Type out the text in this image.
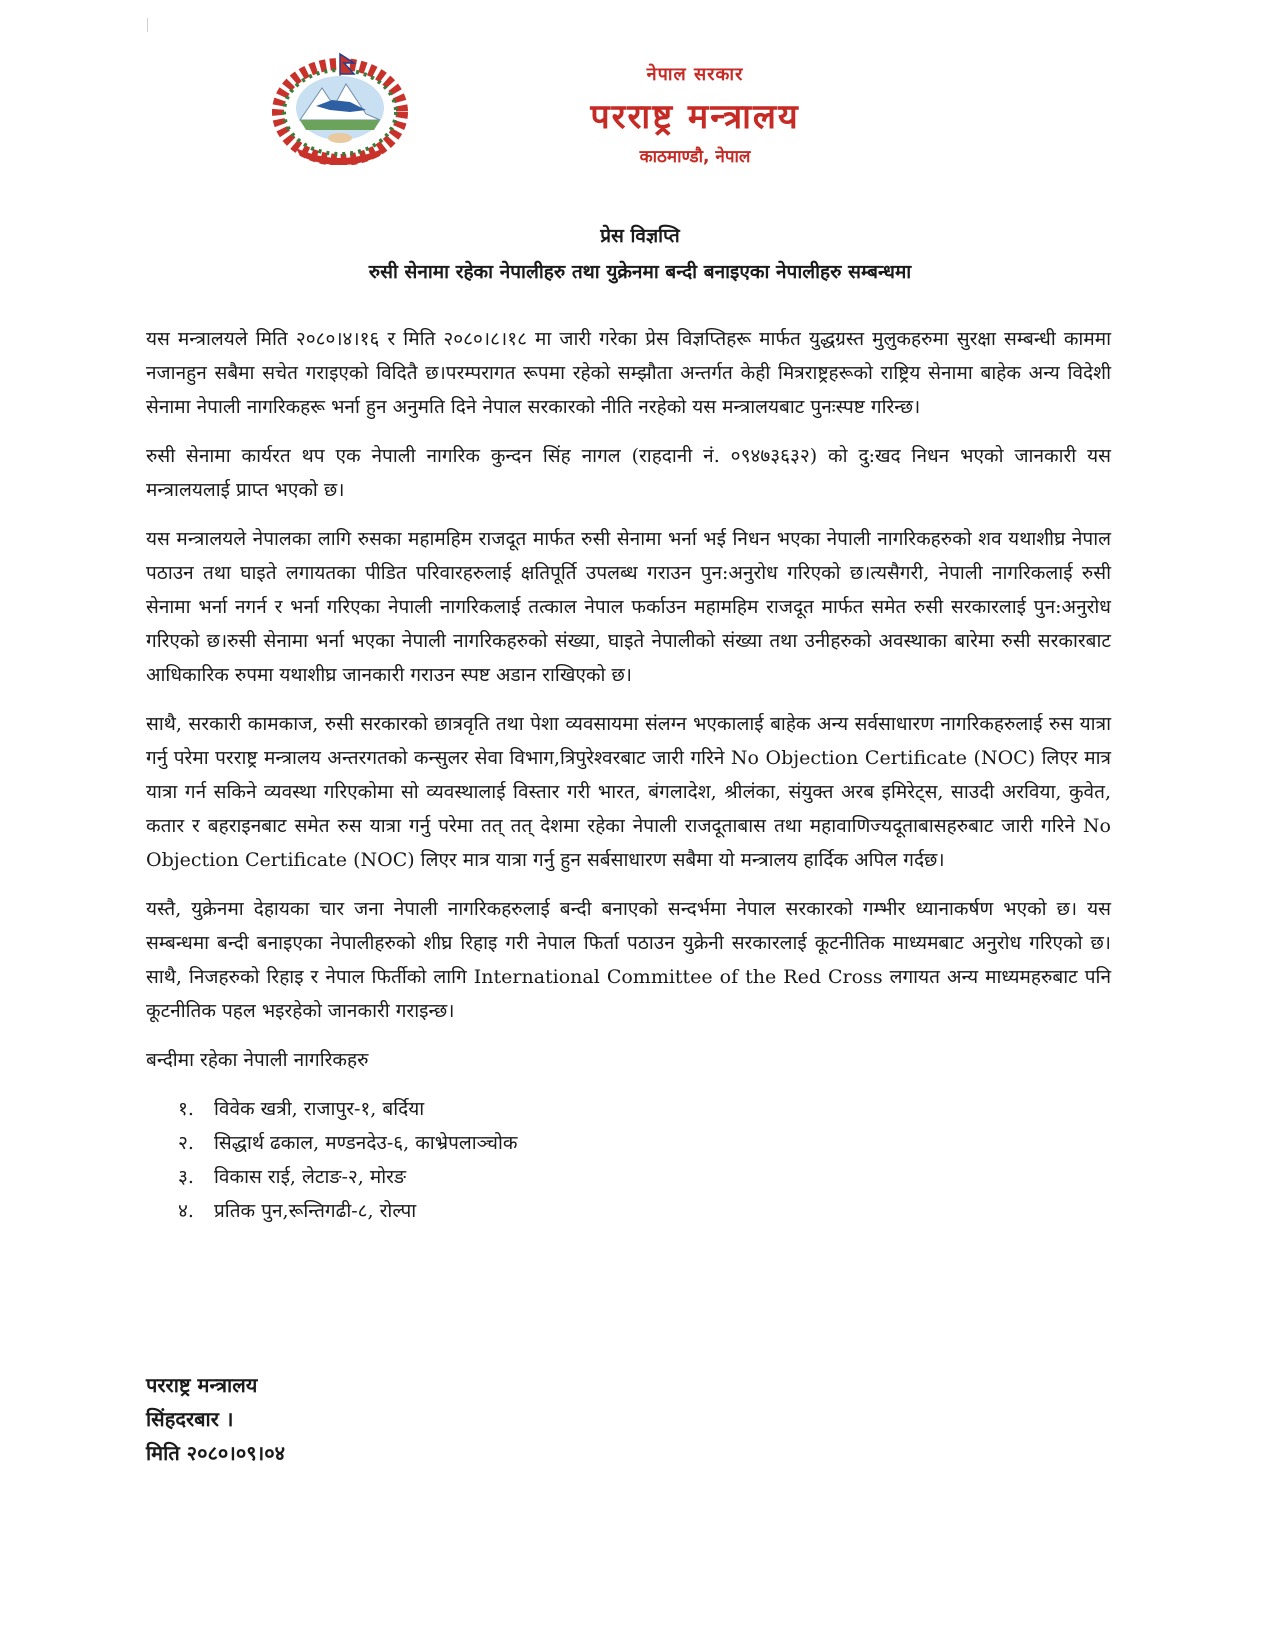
नेपाल सरकार
परराष्ट्र मन्त्रालय
काठमाण्डौ, नेपाल
प्रेस विज्ञप्ति
रुसी सेनामा रहेका नेपालीहरु तथा युक्रेनमा बन्दी बनाइएका नेपालीहरु सम्बन्धमा

यस मन्त्रालयले मिति २०८०।४।१६ र मिति २०८०।८।१८ मा जारी गरेका प्रेस विज्ञप्तिहरू मार्फत युद्धग्रस्त मुलुकहरुमा सुरक्षा सम्बन्धी काममा नजानहुन सबैमा सचेत गराइएको विदितै छ।परम्परागत रूपमा रहेको सम्झौता अन्तर्गत केही मित्रराष्ट्रहरूको राष्ट्रिय सेनामा बाहेक अन्य विदेशी सेनामा नेपाली नागरिकहरू भर्ना हुन अनुमति दिने नेपाल सरकारको नीति नरहेको यस मन्त्रालयबाट पुनःस्पष्ट गरिन्छ।

रुसी सेनामा कार्यरत थप एक नेपाली नागरिक कुन्दन सिंह नागल (राहदानी नं. ०९४७३६३२) को दु:खद निधन भएको जानकारी यस मन्त्रालयलाई प्राप्त भएको छ।

यस मन्त्रालयले नेपालका लागि रुसका महामहिम राजदूत मार्फत रुसी सेनामा भर्ना भई निधन भएका नेपाली नागरिकहरुको शव यथाशीघ्र नेपाल पठाउन तथा घाइते लगायतका पीडित परिवारहरुलाई क्षतिपूर्ति उपलब्ध गराउन पुन:अनुरोध गरिएको छ।त्यसैगरी, नेपाली नागरिकलाई रुसी सेनामा भर्ना नगर्न र भर्ना गरिएका नेपाली नागरिकलाई तत्काल नेपाल फर्काउन महामहिम राजदूत मार्फत समेत रुसी सरकारलाई पुन:अनुरोध गरिएको छ।रुसी सेनामा भर्ना भएका नेपाली नागरिकहरुको संख्या, घाइते नेपालीको संख्या तथा उनीहरुको अवस्थाका बारेमा रुसी सरकारबाट आधिकारिक रुपमा यथाशीघ्र जानकारी गराउन स्पष्ट अडान राखिएको छ।

साथै, सरकारी कामकाज, रुसी सरकारको छात्रवृति तथा पेशा व्यवसायमा संलग्न भएकालाई बाहेक अन्य सर्वसाधारण नागरिकहरुलाई रुस यात्रा गर्नु परेमा परराष्ट्र मन्त्रालय अन्तरगतको कन्सुलर सेवा विभाग,त्रिपुरेश्वरबाट जारी गरिने No Objection Certificate (NOC) लिएर मात्र यात्रा गर्न सकिने व्यवस्था गरिएकोमा सो व्यवस्थालाई विस्तार गरी भारत, बंगलादेश, श्रीलंका, संयुक्त अरब इमिरेट्स, साउदी अरविया, कुवेत, कतार र बहराइनबाट समेत रुस यात्रा गर्नु परेमा तत् तत् देशमा रहेका नेपाली राजदूताबास तथा महावाणिज्यदूताबासहरुबाट जारी गरिने No Objection Certificate (NOC) लिएर मात्र यात्रा गर्नु हुन सर्बसाधारण सबैमा यो मन्त्रालय हार्दिक अपिल गर्दछ।

यस्तै, युक्रेनमा देहायका चार जना नेपाली नागरिकहरुलाई बन्दी बनाएको सन्दर्भमा नेपाल सरकारको गम्भीर ध्यानाकर्षण भएको छ। यस सम्बन्धमा बन्दी बनाइएका नेपालीहरुको शीघ्र रिहाइ गरी नेपाल फिर्ता पठाउन युक्रेनी सरकारलाई कूटनीतिक माध्यमबाट अनुरोध गरिएको छ। साथै, निजहरुको रिहाइ र नेपाल फिर्तीको लागि International Committee of the Red Cross लगायत अन्य माध्यमहरुबाट पनि कूटनीतिक पहल भइरहेको जानकारी गराइन्छ।

बन्दीमा रहेका नेपाली नागरिकहरु
१.	विवेक खत्री, राजापुर-१, बर्दिया
२.	सिद्धार्थ ढकाल, मण्डनदेउ-६, काभ्रेपलाञ्चोक
३.	विकास राई, लेटाङ-२, मोरङ
४.	प्रतिक पुन,रून्तिगढी-८, रोल्पा
परराष्ट्र मन्त्रालय
सिंहदरबार ।
मिति २०८०।०९।०४
